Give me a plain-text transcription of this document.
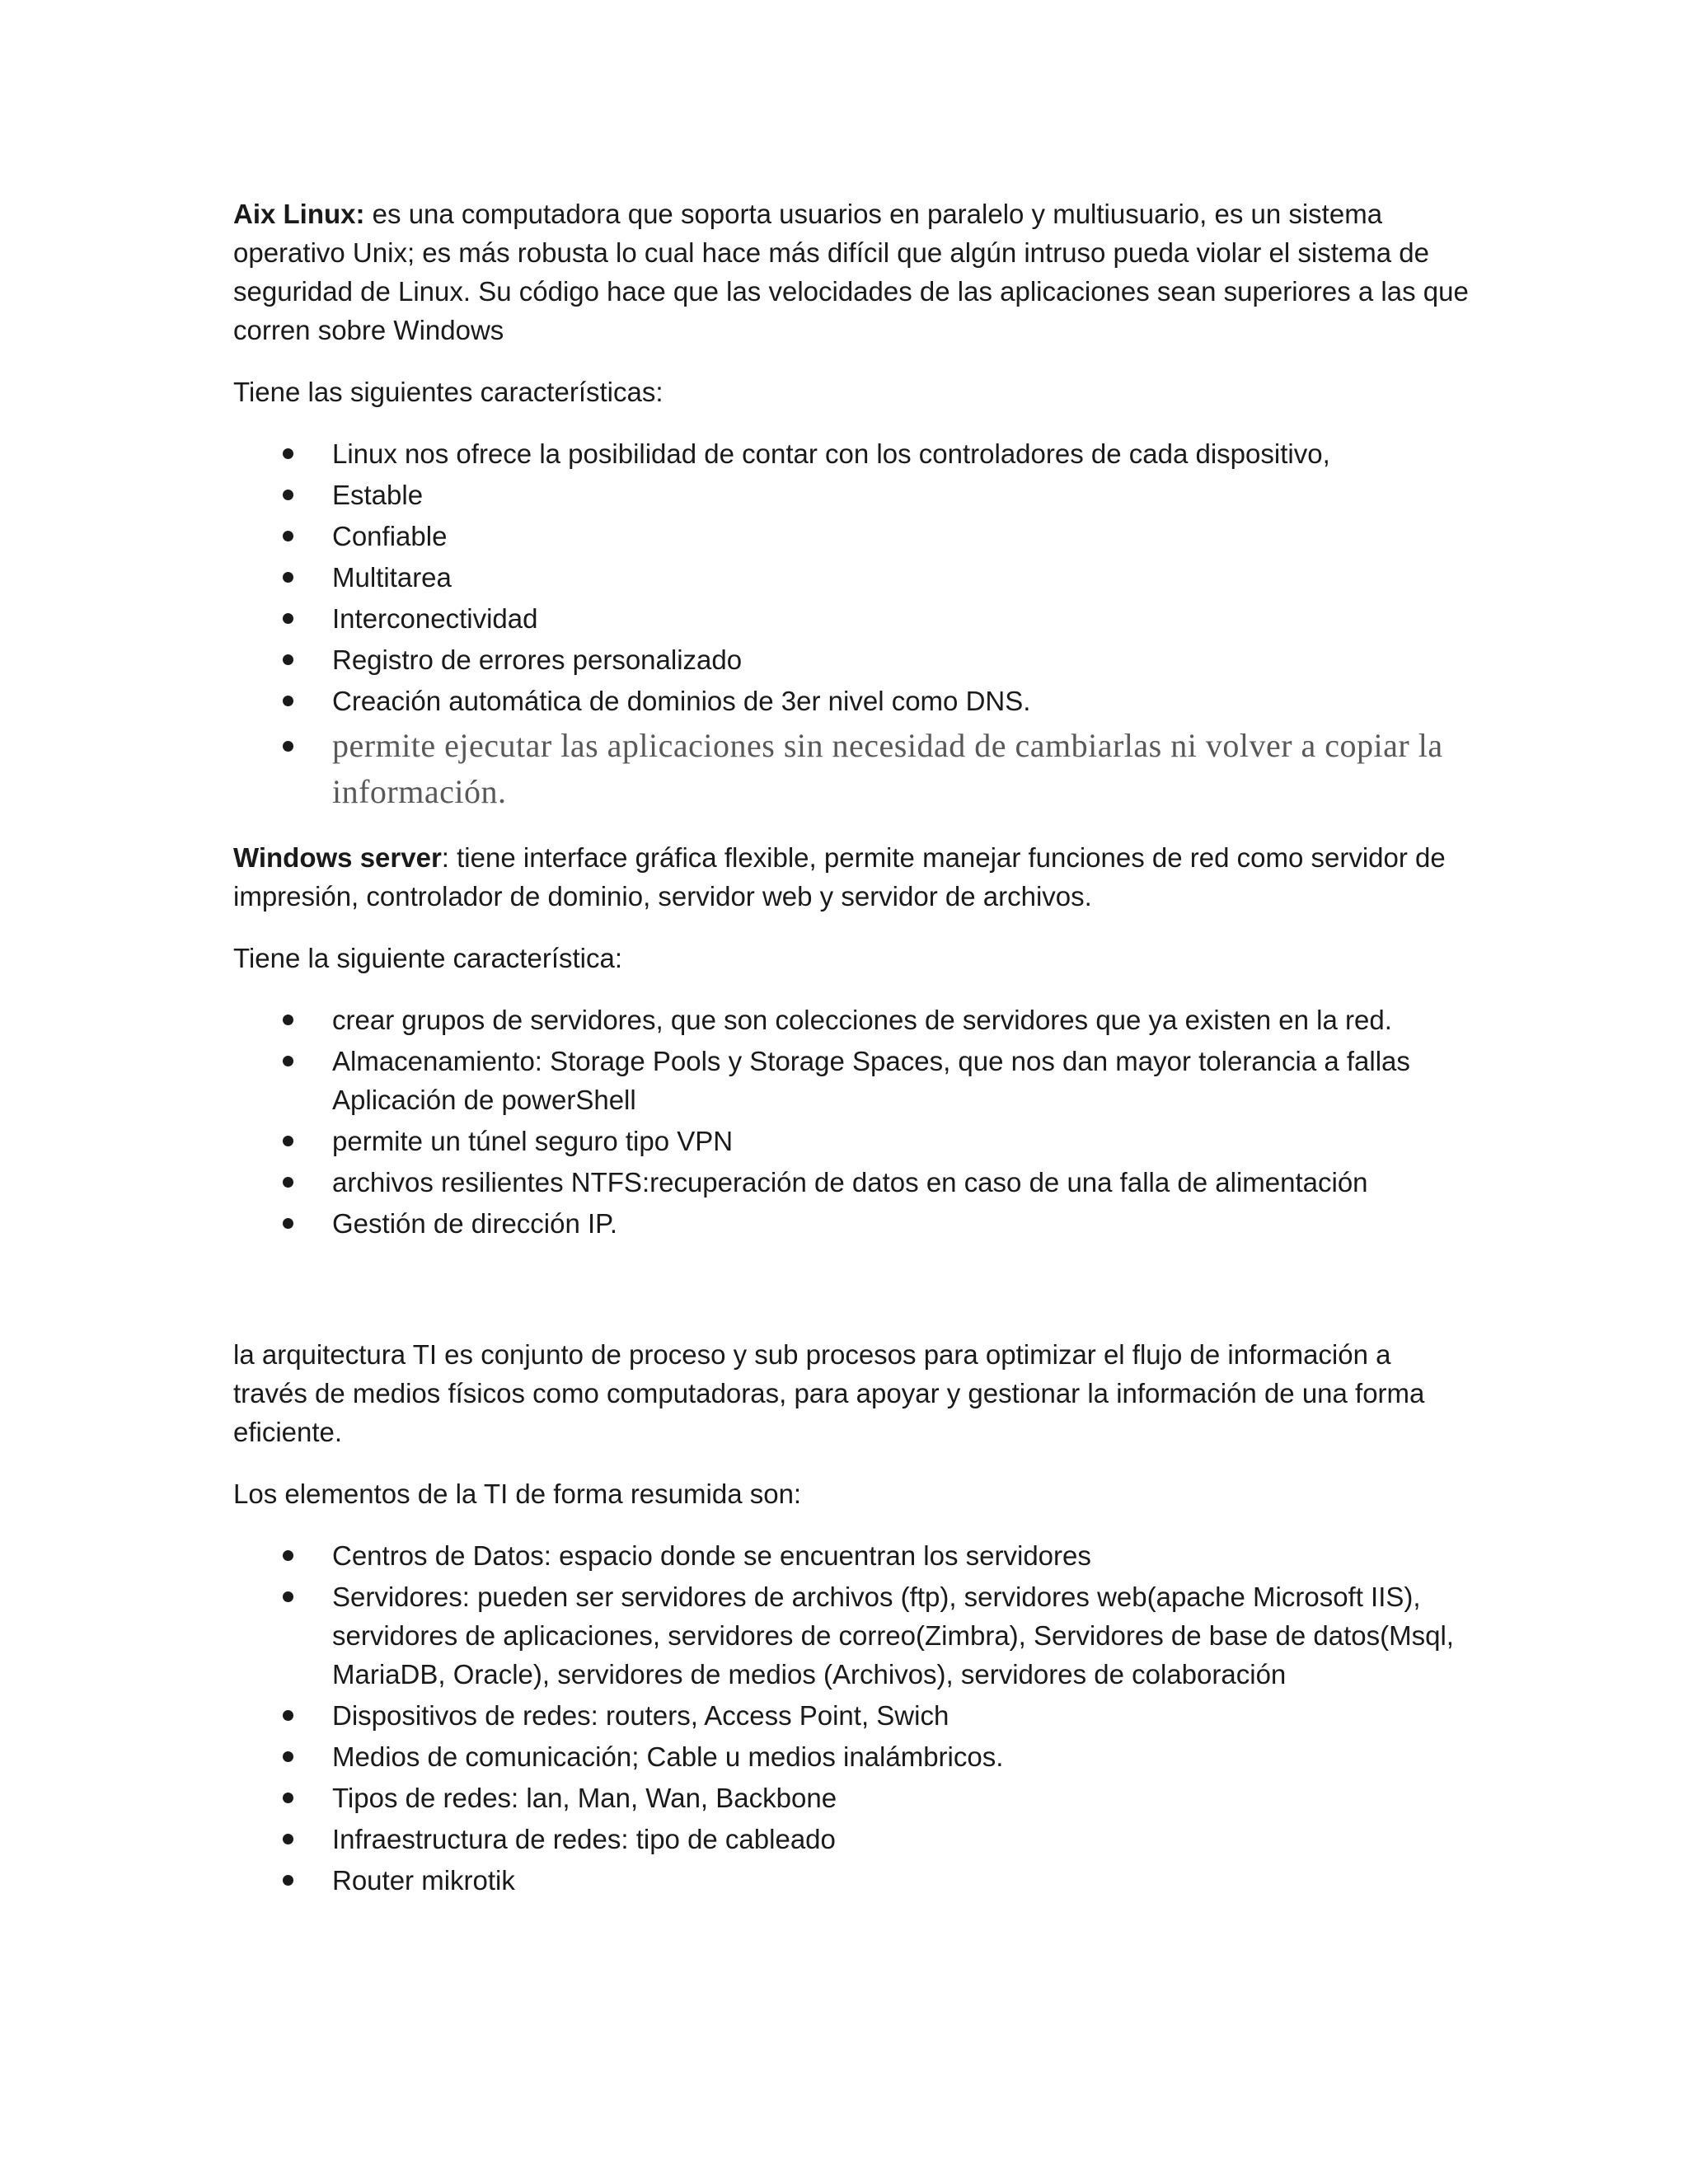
Aix Linux: es una computadora que soporta usuarios en paralelo y multiusuario, es un sistema operativo Unix; es más robusta lo cual hace más difícil que algún intruso pueda violar el sistema de seguridad de Linux. Su código hace que las velocidades de las aplicaciones sean superiores a las que corren sobre Windows

Tiene las siguientes características:

Linux nos ofrece la posibilidad de contar con los controladores de cada dispositivo,
Estable
Confiable
Multitarea
Interconectividad
Registro de errores personalizado
Creación automática de dominios de 3er nivel como DNS.
permite ejecutar las aplicaciones sin necesidad de cambiarlas ni volver a copiar la información.

Windows server: tiene interface gráfica flexible, permite manejar funciones de red como servidor de impresión, controlador de dominio, servidor web y servidor de archivos.

Tiene la siguiente característica:

crear grupos de servidores, que son colecciones de servidores que ya existen en la red.
Almacenamiento: Storage Pools y Storage Spaces, que nos dan mayor tolerancia a fallas Aplicación de powerShell
permite un túnel seguro tipo VPN
archivos resilientes NTFS:recuperación de datos en caso de una falla de alimentación
Gestión de dirección IP.

la arquitectura TI es conjunto de proceso y sub procesos para optimizar el flujo de información a través de medios físicos como computadoras, para apoyar y gestionar la información de una forma eficiente.

Los elementos de la TI de forma resumida son:

Centros de Datos: espacio donde se encuentran los servidores
Servidores: pueden ser servidores de archivos (ftp), servidores web(apache Microsoft IIS), servidores de aplicaciones, servidores de correo(Zimbra), Servidores de base de datos(Msql, MariaDB, Oracle), servidores de medios (Archivos), servidores de colaboración
Dispositivos de redes: routers, Access Point, Swich
Medios de comunicación; Cable u medios inalámbricos.
Tipos de redes: lan, Man, Wan, Backbone
Infraestructura de redes: tipo de cableado
Router mikrotik
